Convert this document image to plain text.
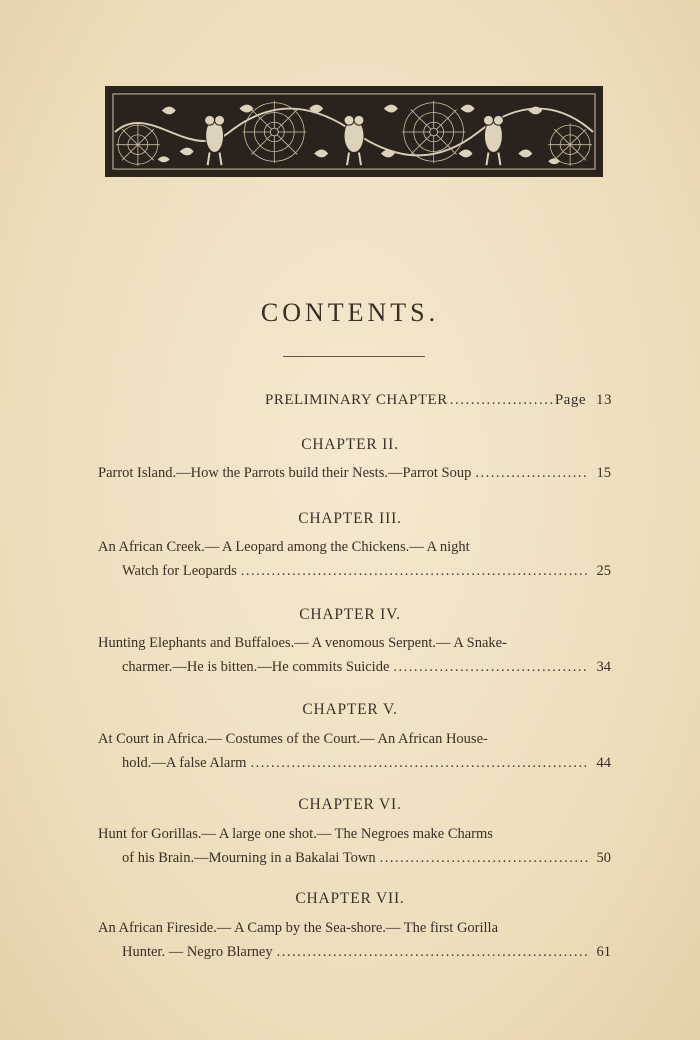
CONTENTS.
PRELIMINARY CHAPTER .....	Page 13
CHAPTER II.
Parrot Island.—How the Parrots build their Nests.—Parrot Soup .....	15
CHAPTER III.
An African Creek.— A Leopard among the Chickens.— A night
Watch for Leopards .....	25
CHAPTER IV.
Hunting Elephants and Buffaloes.— A venomous Serpent.— A Snake-
charmer.—He is bitten.—He commits Suicide .....	34
CHAPTER V.
At Court in Africa.— Costumes of the Court.— An African House-
hold.—A false Alarm .....	44
CHAPTER VI.
Hunt for Gorillas.— A large one shot.— The Negroes make Charms
of his Brain.—Mourning in a Bakalai Town .....	50
CHAPTER VII.
An African Fireside.— A Camp by the Sea-shore.— The first Gorilla
Hunter. — Negro Blarney .....	61
